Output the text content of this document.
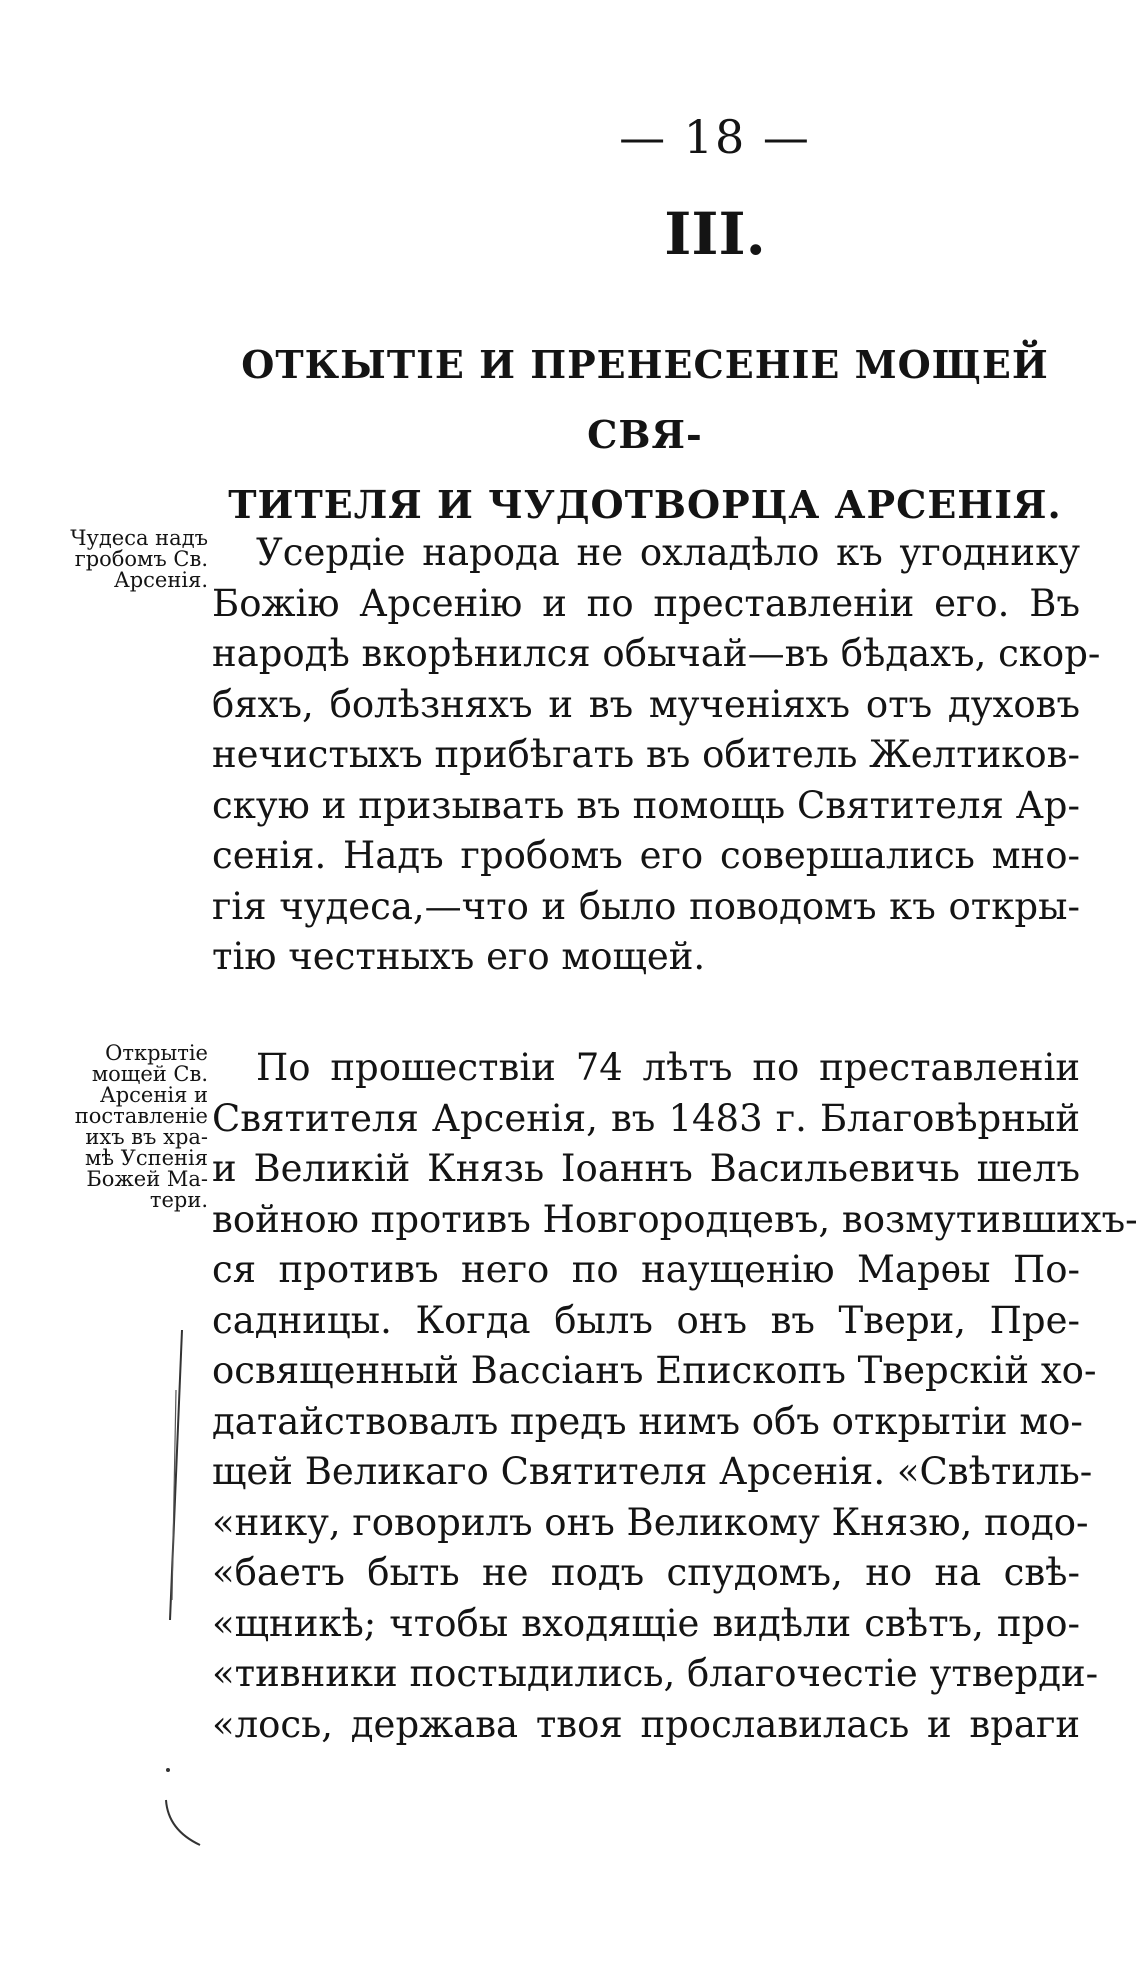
— 18 —
III.
ОТКЫТІЕ И ПРЕНЕСЕНІЕ МОЩЕЙ СВЯ-
ТИТЕЛЯ И ЧУДОТВОРЦА АРСЕНІЯ.
Чудеса надъ
гробомъ Св.
Арсенія.
Усердіе народа не охладѣло къ угоднику
Божію Арсенію и по преставленіи его. Въ
народѣ вкорѣнился обычай—въ бѣдахъ, скор-
бяхъ, болѣзняхъ и въ мученіяхъ отъ духовъ
нечистыхъ прибѣгать въ обитель Желтиков-
скую и призывать въ помощь Святителя Ар-
сенія. Надъ гробомъ его совершались мно-
гія чудеса,—что и было поводомъ къ откры-
тію честныхъ его мощей.
Открытіе
мощей Св.
Арсенія и
поставленіе
ихъ въ хра-
мѣ Успенія
Божей Ма-
тери.
По прошествіи 74 лѣтъ по преставленіи
Святителя Арсенія, въ 1483 г. Благовѣрный
и Великій Князь Іоаннъ Васильевичь шелъ
войною противъ Новгородцевъ, возмутившихъ-
ся противъ него по наущенію Марѳы По-
садницы. Когда былъ онъ въ Твери, Пре-
освященный Вассіанъ Епископъ Тверскій хо-
датайствовалъ предъ нимъ объ открытіи мо-
щей Великаго Святителя Арсенія. «Свѣтиль-
«нику, говорилъ онъ Великому Князю, подо-
«баетъ быть не подъ спудомъ, но на свѣ-
«щникѣ; чтобы входящіе видѣли свѣтъ, про-
«тивники постыдились, благочестіе утверди-
«лось, держава твоя прославилась и враги
